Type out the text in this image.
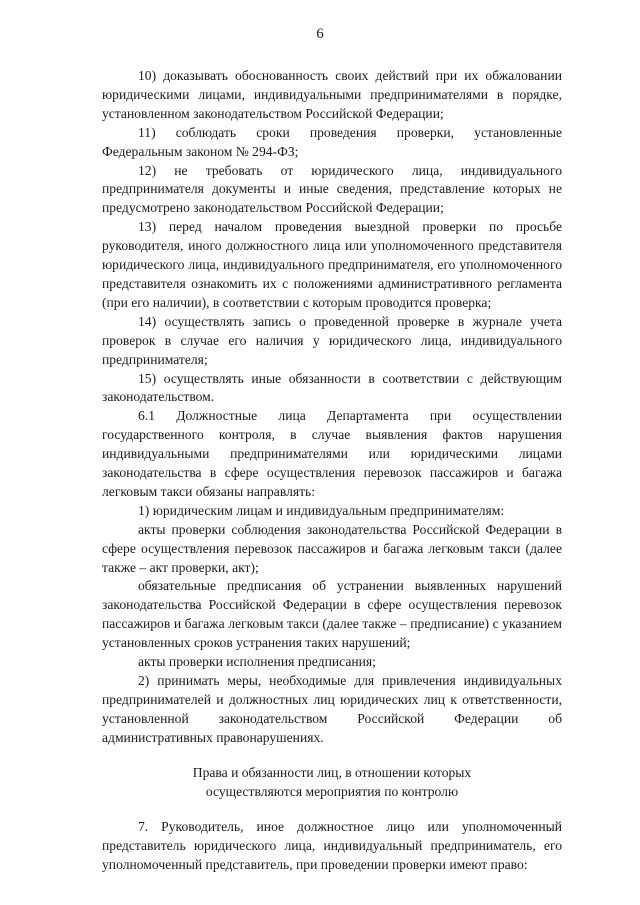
6

10) доказывать обоснованность своих действий при их обжаловании юридическими лицами, индивидуальными предпринимателями в порядке, установленном законодательством Российской Федерации;

11) соблюдать сроки проведения проверки, установленные Федеральным законом № 294-ФЗ;

12) не требовать от юридического лица, индивидуального предпринимателя документы и иные сведения, представление которых не предусмотрено законодательством Российской Федерации;

13) перед началом проведения выездной проверки по просьбе руководителя, иного должностного лица или уполномоченного представителя юридического лица, индивидуального предпринимателя, его уполномоченного представителя ознакомить их с положениями административного регламента (при его наличии), в соответствии с которым проводится проверка;

14) осуществлять запись о проведенной проверке в журнале учета проверок в случае его наличия у юридического лица, индивидуального предпринимателя;

15) осуществлять иные обязанности в соответствии с действующим законодательством.

6.1 Должностные лица Департамента при осуществлении государственного контроля, в случае выявления фактов нарушения индивидуальными предпринимателями или юридическими лицами законодательства в сфере осуществления перевозок пассажиров и багажа легковым такси обязаны направлять:

1) юридическим лицам и индивидуальным предпринимателям:

акты проверки соблюдения законодательства Российской Федерации в сфере осуществления перевозок пассажиров и багажа легковым такси (далее также – акт проверки, акт);

обязательные предписания об устранении выявленных нарушений законодательства Российской Федерации в сфере осуществления перевозок пассажиров и багажа легковым такси (далее также – предписание) с указанием установленных сроков устранения таких нарушений;

акты проверки исполнения предписания;

2) принимать меры, необходимые для привлечения индивидуальных предпринимателей и должностных лиц юридических лиц к ответственности, установленной законодательством Российской Федерации об административных правонарушениях.

Права и обязанности лиц, в отношении которых
осуществляются мероприятия по контролю

7. Руководитель, иное должностное лицо или уполномоченный представитель юридического лица, индивидуальный предприниматель, его уполномоченный представитель, при проведении проверки имеют право:
